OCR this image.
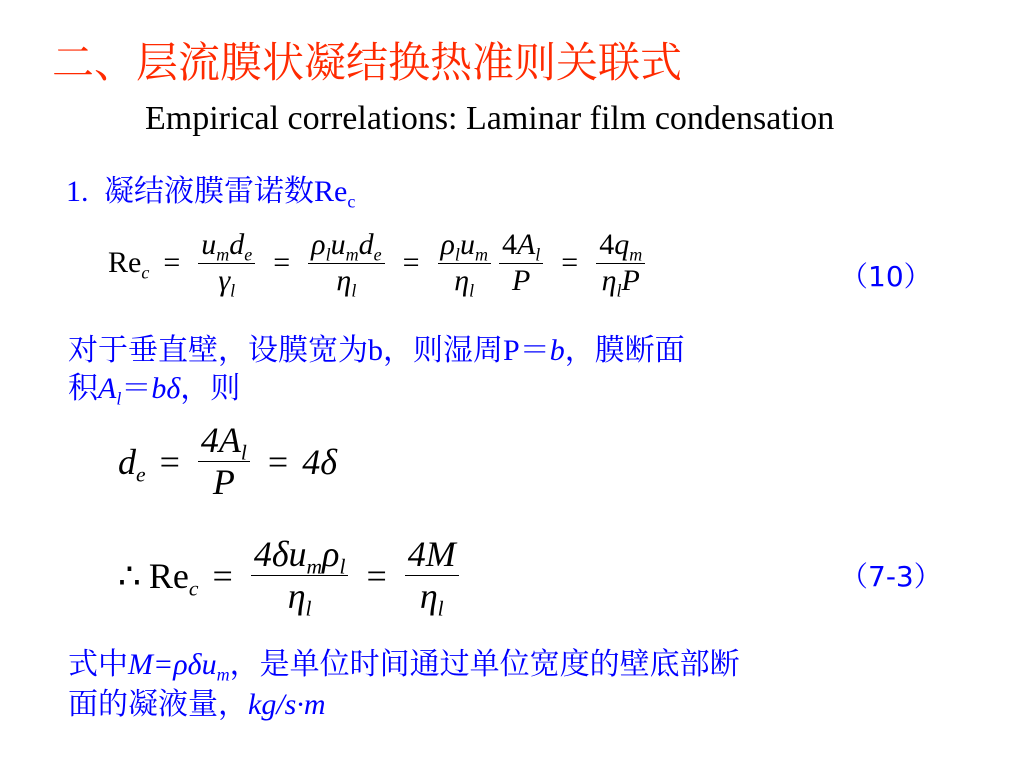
二、层流膜状凝结换热准则关联式
Empirical correlations: Laminar film condensation
1. 凝结液膜雷诺数$Re_c$
$Re_c = \frac{u_md_e}{\gamma_l} = \frac{\rho_lu_md_e}{\eta_l} = \frac{\rho_lu_m}{\eta_l} \frac{4A_l}{P} = \frac{4q_m}{\eta_lP}$	（10）
对于垂直壁，设膜宽为b，则湿周P＝b，膜断面
积$A_l=b\delta$，则
$d_e = \frac{4A_l}{P} = 4\delta$
∴ $Re_c = \frac{4\delta u_m\rho_l}{\eta_l} = \frac{4M}{\eta_l}$	（7-3）
式中M=ρδu$_m$，是单位时间通过单位宽度的壁底部断
面的凝液量，kg/s·m
